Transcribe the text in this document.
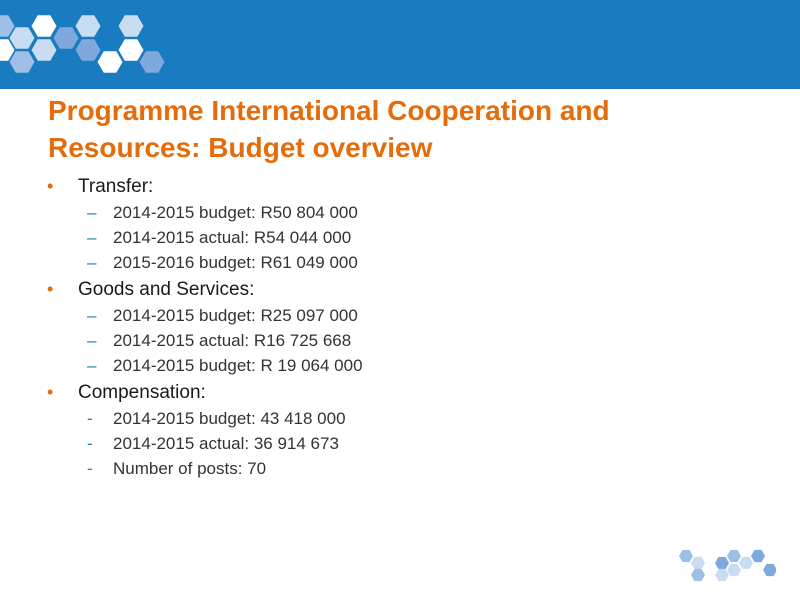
Programme International Cooperation and Resources: Budget overview
• Transfer:
– 2014-2015 budget: R50 804 000
– 2014-2015 actual: R54 044 000
– 2015-2016 budget: R61 049 000
• Goods and Services:
– 2014-2015 budget: R25 097 000
– 2014-2015 actual: R16 725 668
– 2014-2015 budget: R 19 064 000
• Compensation:
- 2014-2015 budget: 43 418 000
- 2014-2015 actual: 36 914 673
- Number of posts: 70
